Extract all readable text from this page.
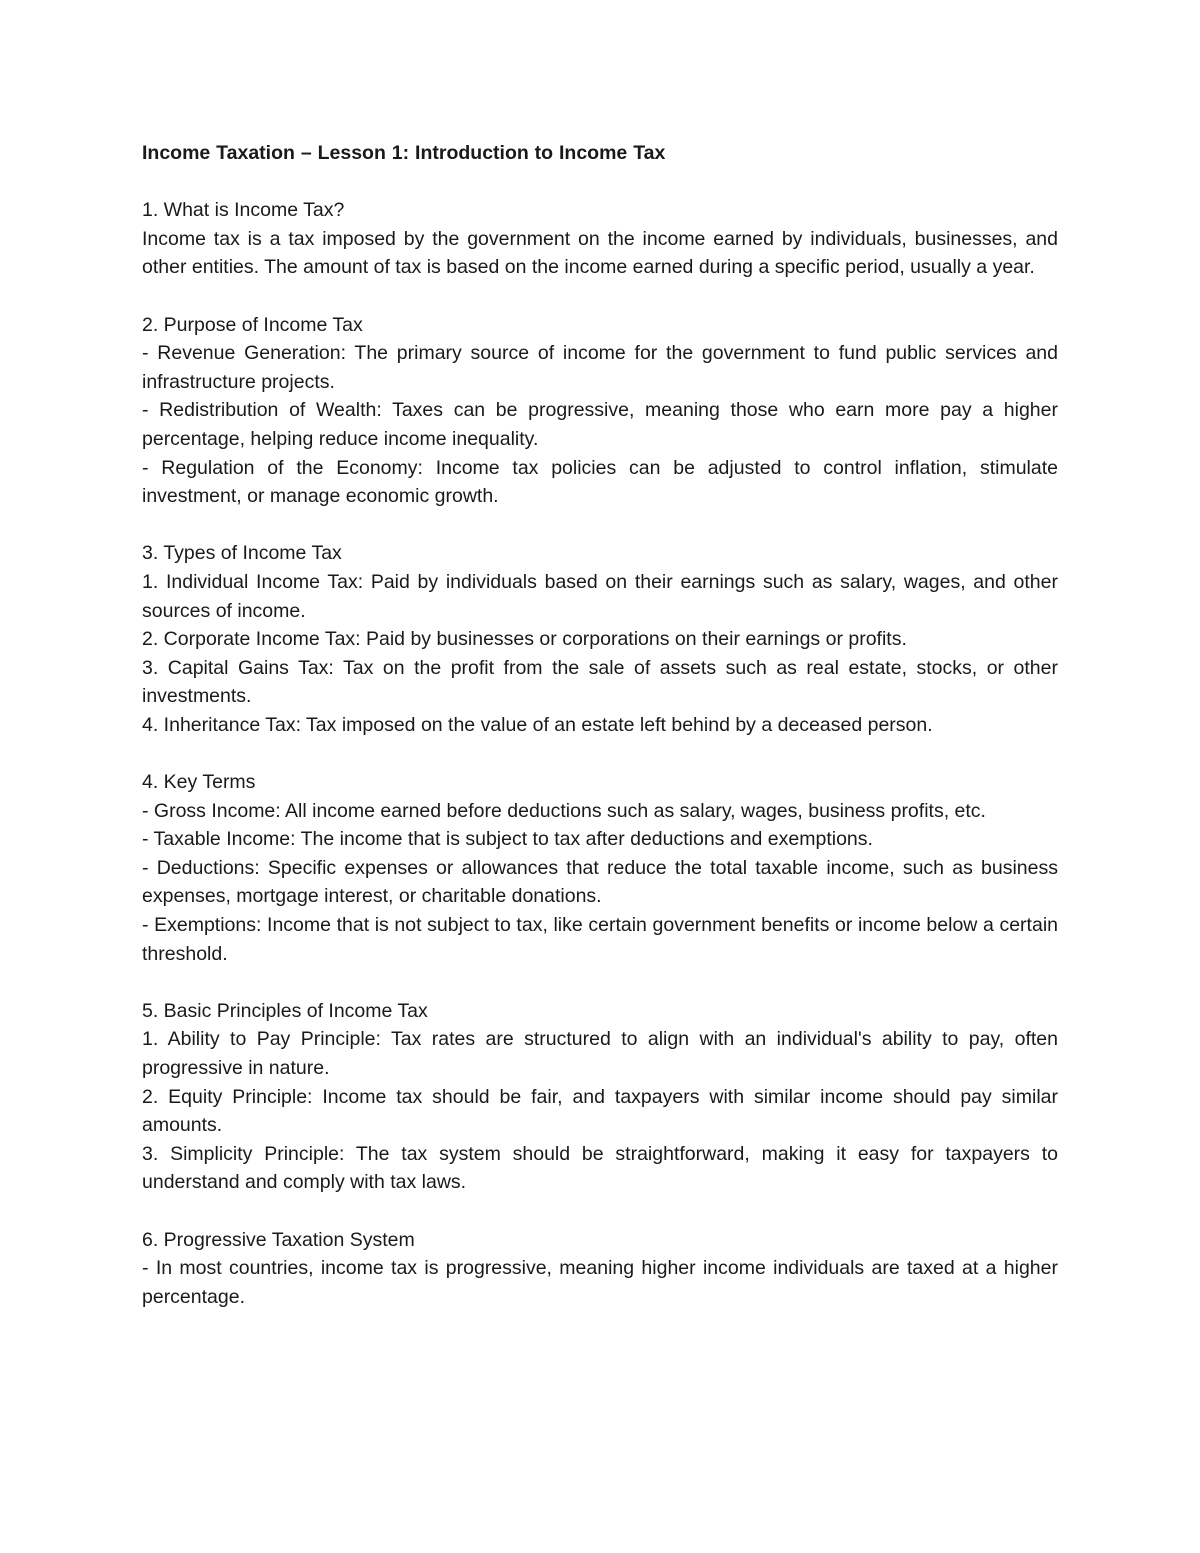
Income Taxation – Lesson 1: Introduction to Income Tax

1. What is Income Tax?

Income tax is a tax imposed by the government on the income earned by individuals, businesses, and other entities. The amount of tax is based on the income earned during a specific period, usually a year.

2. Purpose of Income Tax

- Revenue Generation: The primary source of income for the government to fund public services and infrastructure projects.

- Redistribution of Wealth: Taxes can be progressive, meaning those who earn more pay a higher percentage, helping reduce income inequality.

- Regulation of the Economy: Income tax policies can be adjusted to control inflation, stimulate investment, or manage economic growth.

3. Types of Income Tax

1. Individual Income Tax: Paid by individuals based on their earnings such as salary, wages, and other sources of income.

2. Corporate Income Tax: Paid by businesses or corporations on their earnings or profits.

3. Capital Gains Tax: Tax on the profit from the sale of assets such as real estate, stocks, or other investments.

4. Inheritance Tax: Tax imposed on the value of an estate left behind by a deceased person.

4. Key Terms

- Gross Income: All income earned before deductions such as salary, wages, business profits, etc.

- Taxable Income: The income that is subject to tax after deductions and exemptions.

- Deductions: Specific expenses or allowances that reduce the total taxable income, such as business expenses, mortgage interest, or charitable donations.

- Exemptions: Income that is not subject to tax, like certain government benefits or income below a certain threshold.

5. Basic Principles of Income Tax

1. Ability to Pay Principle: Tax rates are structured to align with an individual's ability to pay, often progressive in nature.

2. Equity Principle: Income tax should be fair, and taxpayers with similar income should pay similar amounts.

3. Simplicity Principle: The tax system should be straightforward, making it easy for taxpayers to understand and comply with tax laws.

6. Progressive Taxation System

- In most countries, income tax is progressive, meaning higher income individuals are taxed at a higher percentage.
